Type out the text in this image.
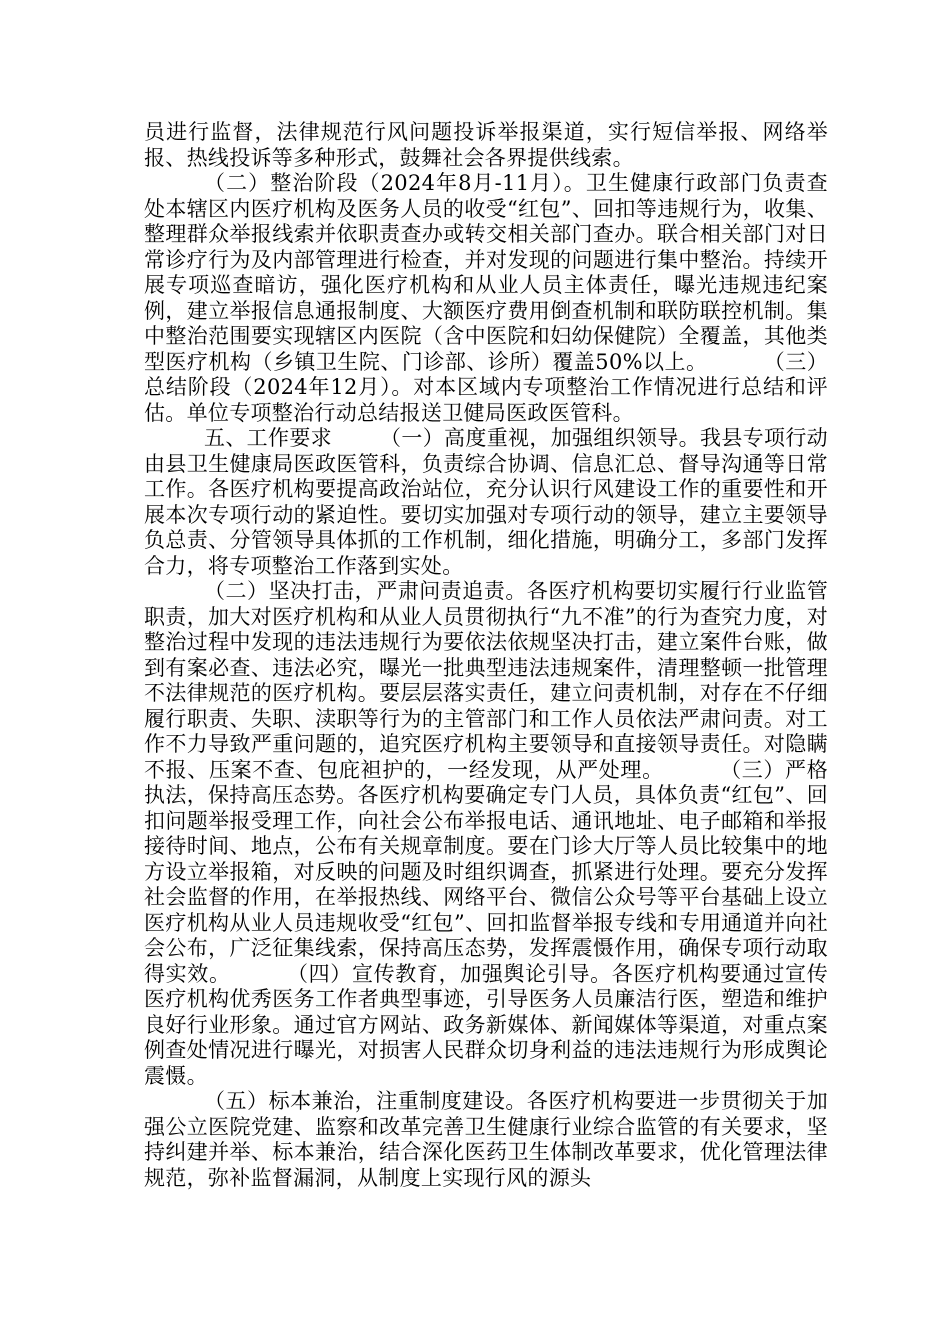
员进行监督，法律规范行风问题投诉举报渠道，实行短信举报、网络举报、热线投诉等多种形式，鼓舞社会各界提供线索。

（二）整治阶段（2024年8月-11月）。卫生健康行政部门负责查处本辖区内医疗机构及医务人员的收受“红包”、回扣等违规行为，收集、整理群众举报线索并依职责查办或转交相关部门查办。联合相关部门对日常诊疗行为及内部管理进行检查，并对发现的问题进行集中整治。持续开展专项巡查暗访，强化医疗机构和从业人员主体责任，曝光违规违纪案例，建立举报信息通报制度、大额医疗费用倒查机制和联防联控机制。集中整治范围要实现辖区内医院（含中医院和妇幼保健院）全覆盖，其他类型医疗机构（乡镇卫生院、门诊部、诊所）覆盖50%以上。	（三）总结阶段（2024年12月）。对本区域内专项整治工作情况进行总结和评估。单位专项整治行动总结报送卫健局医政医管科。

五、工作要求 （一）高度重视，加强组织领导。我县专项行动由县卫生健康局医政医管科，负责综合协调、信息汇总、督导沟通等日常工作。各医疗机构要提高政治站位，充分认识行风建设工作的重要性和开展本次专项行动的紧迫性。要切实加强对专项行动的领导，建立主要领导负总责、分管领导具体抓的工作机制，细化措施，明确分工，多部门发挥合力，将专项整治工作落到实处。

（二）坚决打击，严肃问责追责。各医疗机构要切实履行行业监管职责，加大对医疗机构和从业人员贯彻执行“九不准”的行为查究力度，对整治过程中发现的违法违规行为要依法依规坚决打击，建立案件台账，做到有案必查、违法必究，曝光一批典型违法违规案件，清理整顿一批管理不法律规范的医疗机构。要层层落实责任，建立问责机制，对存在不仔细履行职责、失职、渎职等行为的主管部门和工作人员依法严肃问责。对工作不力导致严重问题的，追究医疗机构主要领导和直接领导责任。对隐瞒不报、压案不查、包庇袒护的，一经发现，从严处理。	（三）严格执法，保持高压态势。各医疗机构要确定专门人员，具体负责“红包”、回扣问题举报受理工作，向社会公布举报电话、通讯地址、电子邮箱和举报接待时间、地点，公布有关规章制度。要在门诊大厅等人员比较集中的地方设立举报箱，对反映的问题及时组织调查，抓紧进行处理。要充分发挥社会监督的作用，在举报热线、网络平台、微信公众号等平台基础上设立医疗机构从业人员违规收受“红包”、回扣监督举报专线和专用通道并向社会公布，广泛征集线索，保持高压态势，发挥震慑作用，确保专项行动取得实效。	（四）宣传教育，加强舆论引导。各医疗机构要通过宣传医疗机构优秀医务工作者典型事迹，引导医务人员廉洁行医，塑造和维护良好行业形象。通过官方网站、政务新媒体、新闻媒体等渠道，对重点案例查处情况进行曝光，对损害人民群众切身利益的违法违规行为形成舆论震慑。

（五）标本兼治，注重制度建设。各医疗机构要进一步贯彻关于加强公立医院党建、监察和改革完善卫生健康行业综合监管的有关要求，坚持纠建并举、标本兼治，结合深化医药卫生体制改革要求，优化管理法律规范，弥补监督漏洞，从制度上实现行风的源头
